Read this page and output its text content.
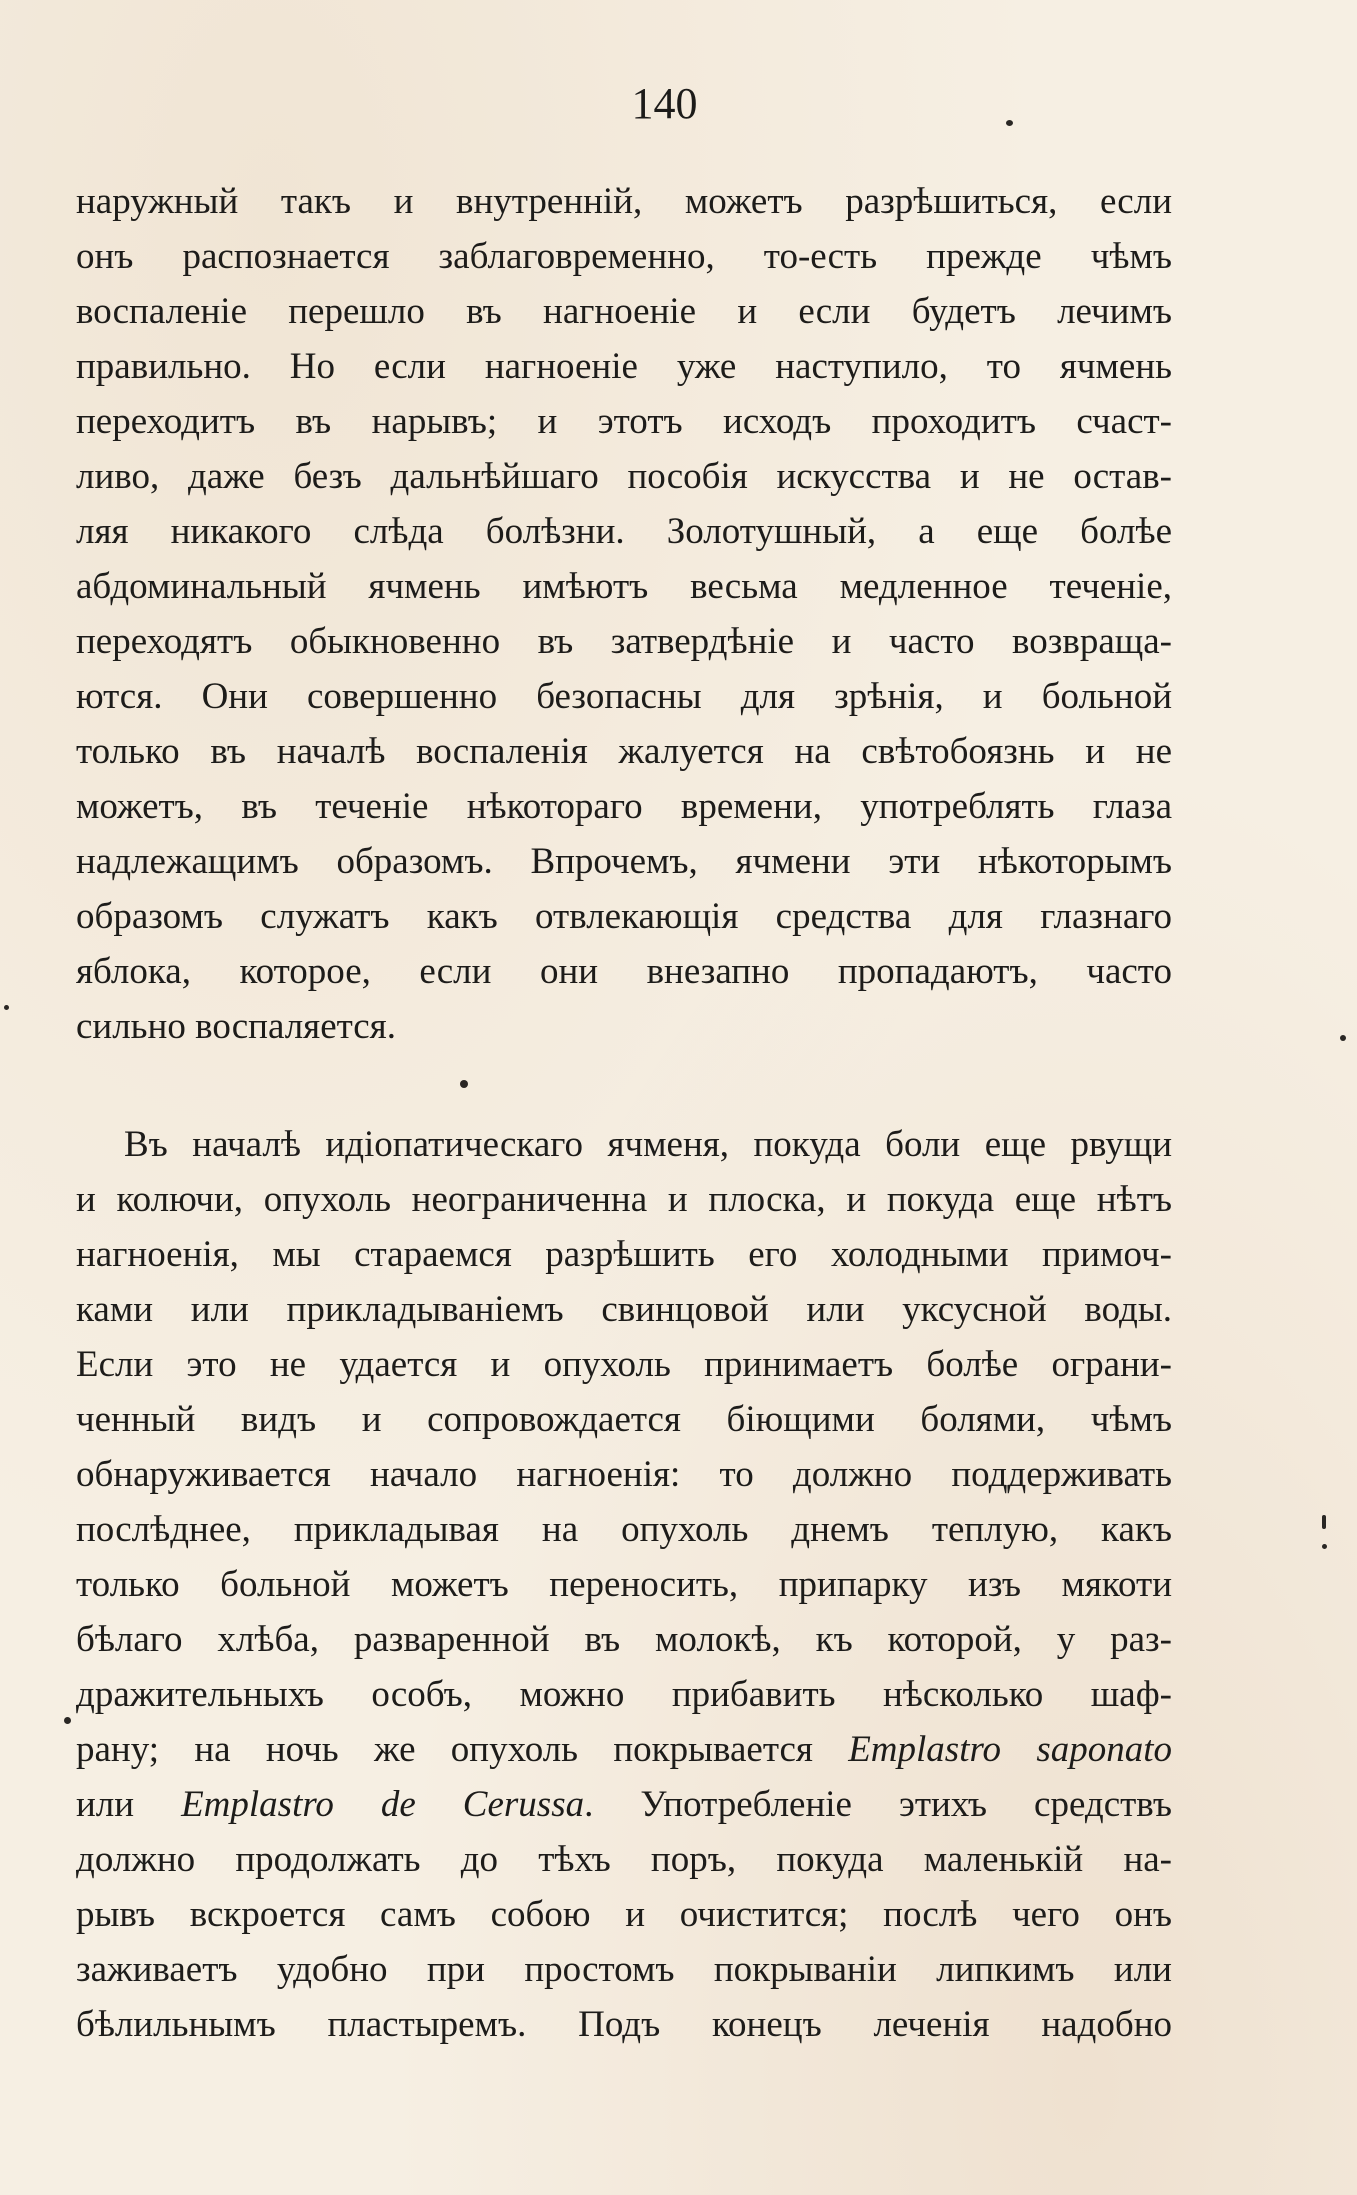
140
наружный такъ и внутренній, можетъ разрѣшиться, если
онъ распознается заблаговременно, то-есть прежде чѣмъ
воспаленіе перешло въ нагноеніе и если будетъ лечимъ
правильно. Но если нагноеніе уже наступило, то ячмень
переходитъ въ нарывъ; и этотъ исходъ проходитъ счаст-
ливо, даже безъ дальнѣйшаго пособія искусства и не остав-
ляя никакого слѣда болѣзни. Золотушный, а еще болѣе
абдоминальный ячмень имѣютъ весьма медленное теченіе,
переходятъ обыкновенно въ затвердѣніе и часто возвраща-
ются. Они совершенно безопасны для зрѣнія, и больной
только въ началѣ воспаленія жалуется на свѣтобоязнь и не
можетъ, въ теченіе нѣкотораго времени, употреблять глаза
надлежащимъ образомъ. Впрочемъ, ячмени эти нѣкоторымъ
образомъ служатъ какъ отвлекающія средства для глазнаго
яблока, которое, если они внезапно пропадаютъ, часто
сильно воспаляется.
Въ началѣ идіопатическаго ячменя, покуда боли еще рвущи
и колючи, опухоль неограниченна и плоска, и покуда еще нѣтъ
нагноенія, мы стараемся разрѣшить его холодными примоч-
ками или прикладываніемъ свинцовой или уксусной воды.
Если это не удается и опухоль принимаетъ болѣе ограни-
ченный видъ и сопровождается біющими болями, чѣмъ
обнаруживается начало нагноенія: то должно поддерживать
послѣднее, прикладывая на опухоль днемъ теплую, какъ
только больной можетъ переносить, припарку изъ мякоти
бѣлаго хлѣба, разваренной въ молокѣ, къ которой, у раз-
дражительныхъ особъ, можно прибавить нѣсколько шаф-
рану; на ночь же опухоль покрывается Emplastro saponato
или Emplastro de Cerussa. Употребленіе этихъ средствъ
должно продолжать до тѣхъ поръ, покуда маленькій на-
рывъ вскроется самъ собою и очистится; послѣ чего онъ
заживаетъ удобно при простомъ покрываніи липкимъ или
бѣлильнымъ пластыремъ. Подъ конецъ леченія надобно
